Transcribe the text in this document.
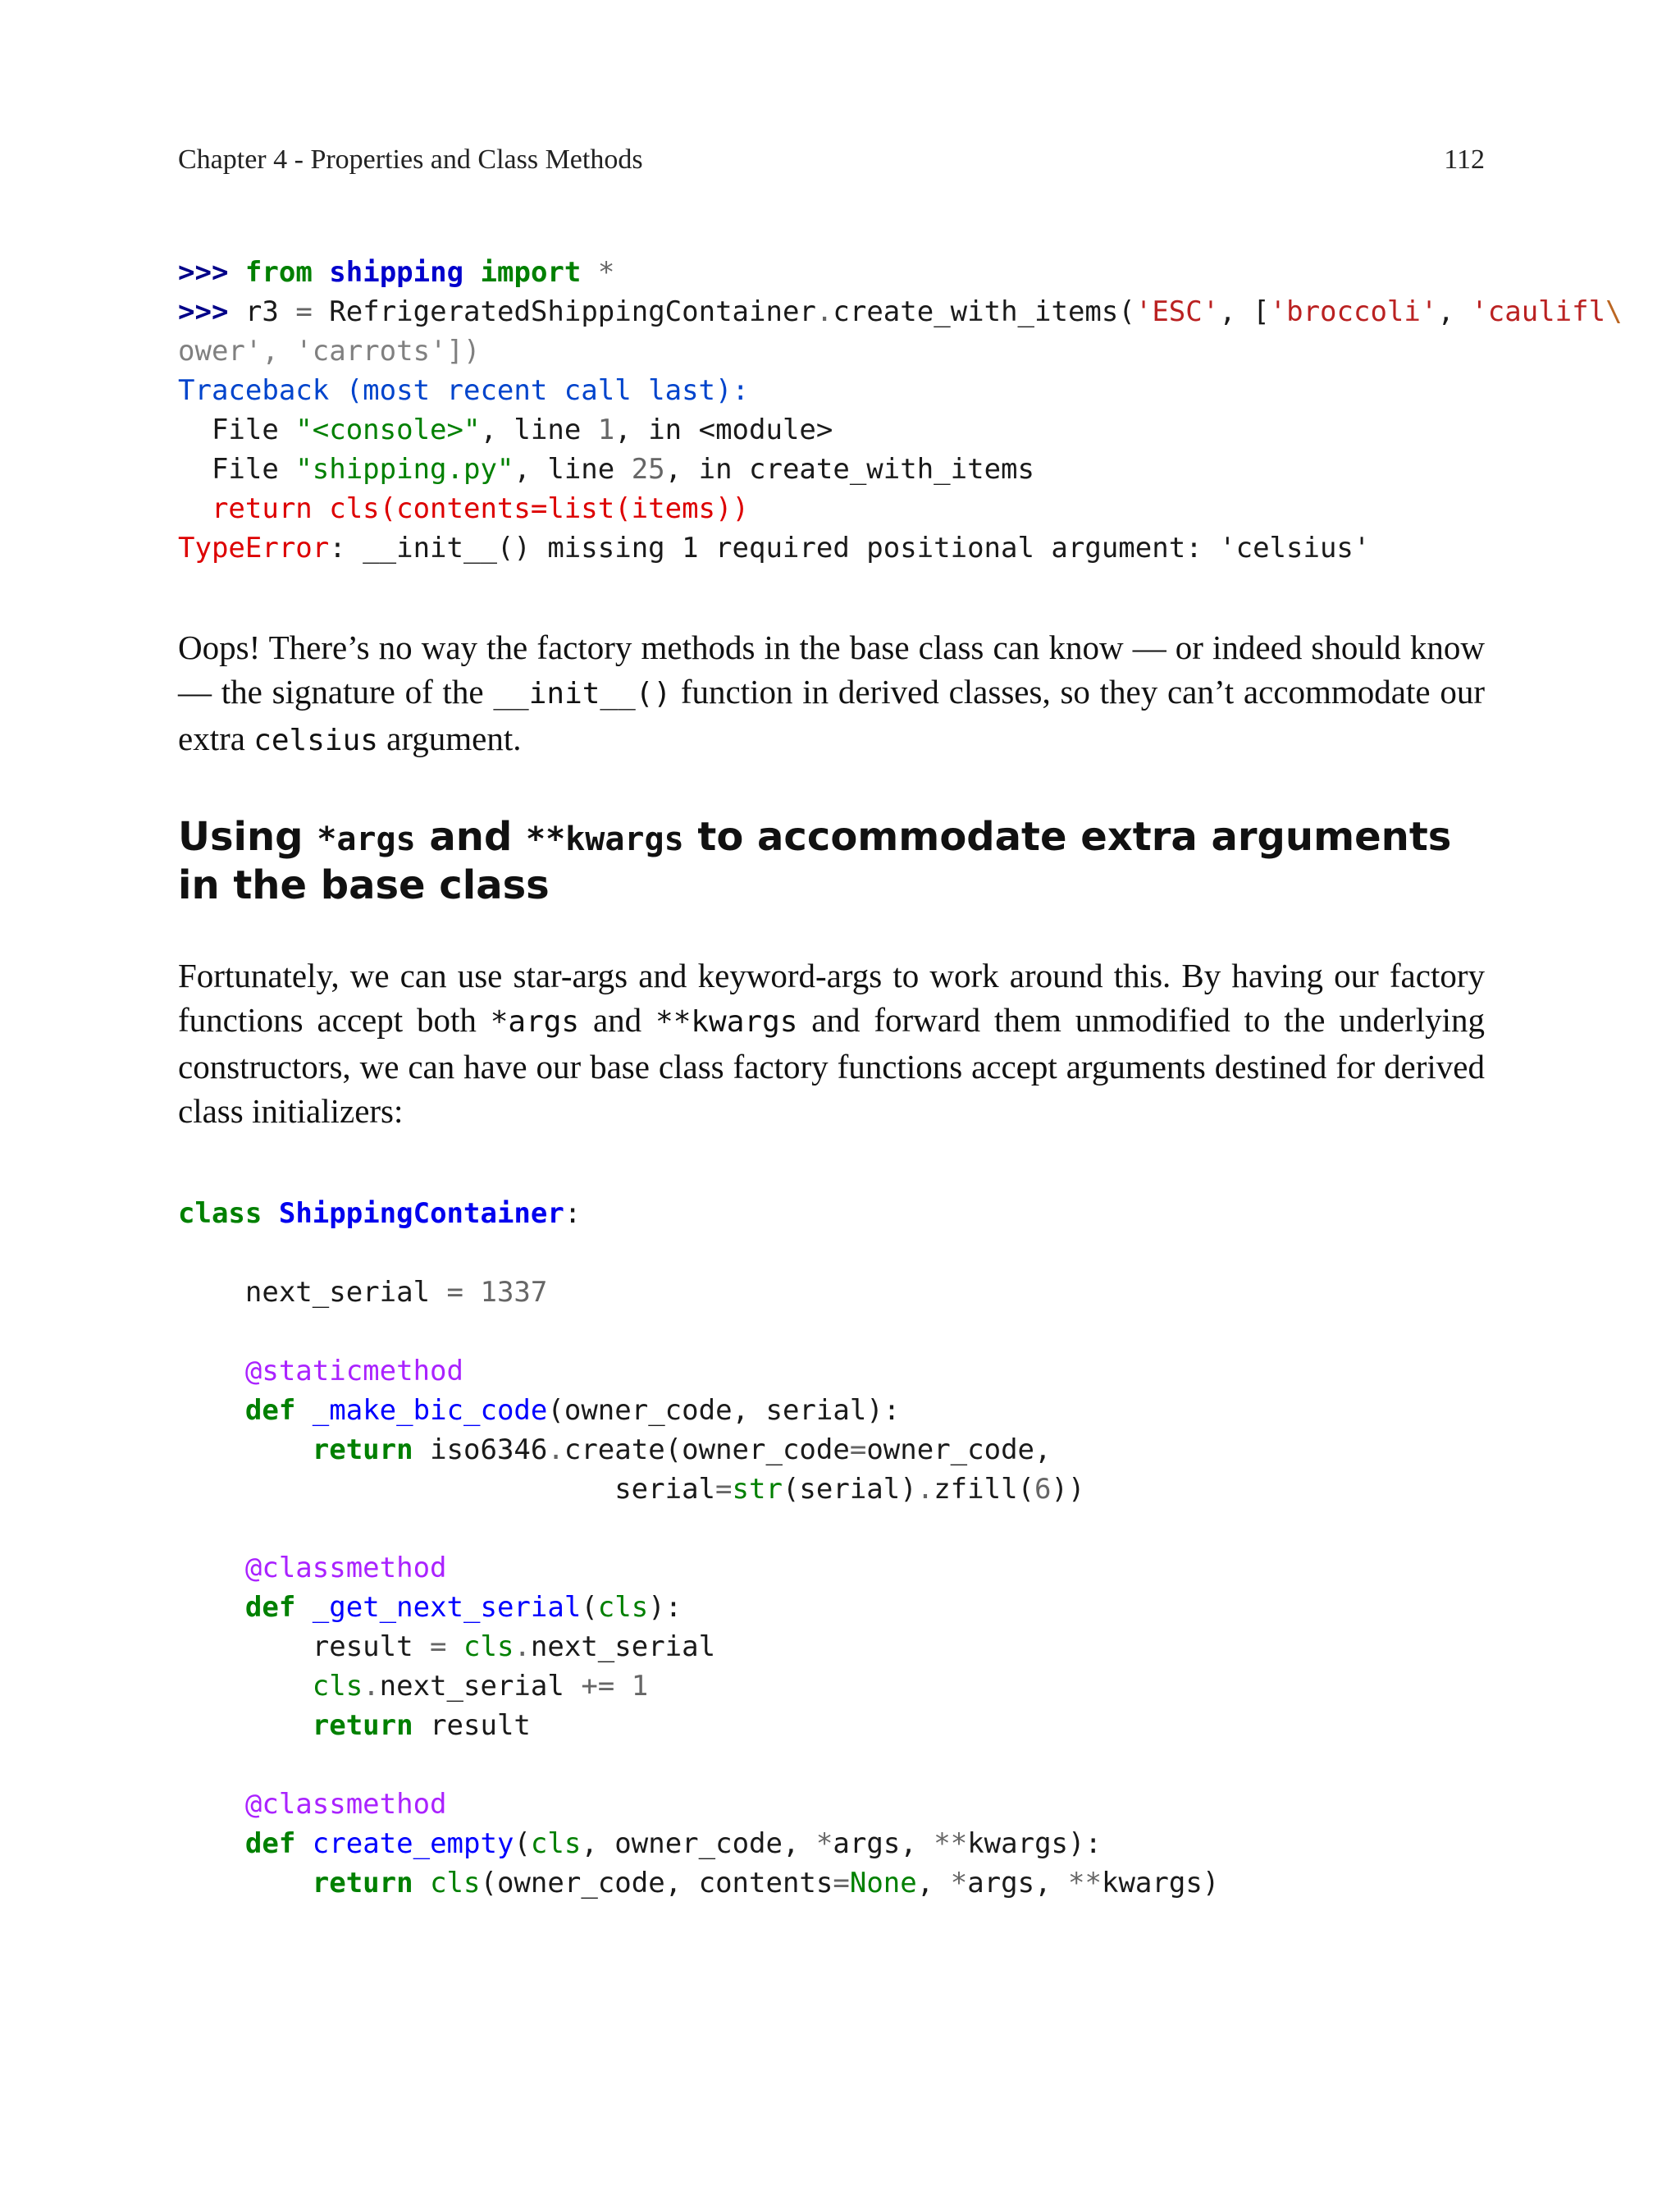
Chapter 4 - Properties and Class Methods	112
>>> from shipping import *
>>> r3 = RefrigeratedShippingContainer.create_with_items('ESC', ['broccoli', 'caulifl\
ower', 'carrots'])
Traceback (most recent call last):
File "<console>", line 1, in <module>
File "shipping.py", line 25, in create_with_items
return cls(contents=list(items))
TypeError: __init__() missing 1 required positional argument: 'celsius'

Oops! There’s no way the factory methods in the base class can know — or indeed should know — the signature of the __init__() function in derived classes, so they can’t accommodate our extra celsius argument.

Using *args and **kwargs to accommodate extra arguments in the base class

Fortunately, we can use star-args and keyword-args to work around this. By having our factory functions accept both *args and **kwargs and forward them unmodified to the underlying constructors, we can have our base class factory functions accept arguments destined for derived class initializers:

class ShippingContainer:

next_serial = 1337

@staticmethod
def _make_bic_code(owner_code, serial):
return iso6346.create(owner_code=owner_code,
serial=str(serial).zfill(6))

@classmethod
def _get_next_serial(cls):
result = cls.next_serial
cls.next_serial += 1
return result

@classmethod
def create_empty(cls, owner_code, *args, **kwargs):
return cls(owner_code, contents=None, *args, **kwargs)
